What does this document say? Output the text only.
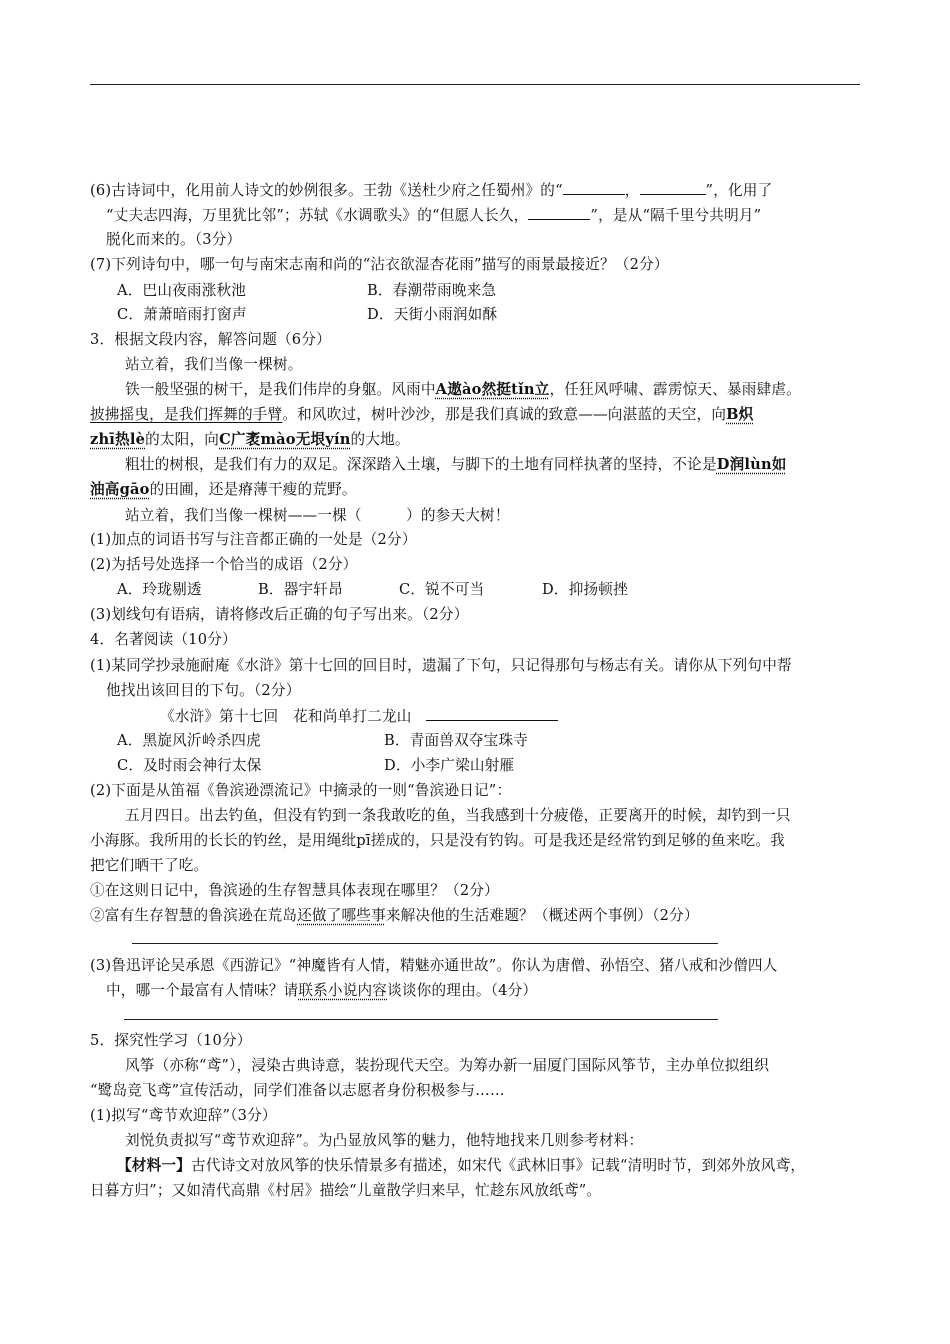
(6)古诗词中，化用前人诗文的妙例很多。王勃《送杜少府之任蜀州》的“	，	”，化用了
“丈夫志四海，万里犹比邻”；苏轼《水调歌头》的“但愿人长久，	”，是从“隔千里兮共明月”
脱化而来的。（3分）
(7)下列诗句中，哪一句与南宋志南和尚的“沾衣欲湿杏花雨”描写的雨景最接近？（2分）
A．巴山夜雨涨秋池	B．春潮带雨晚来急
C．萧萧暗雨打窗声	D．天街小雨润如酥
3．根据文段内容，解答问题（6分）
站立着，我们当像一棵树。
铁一般坚强的树干，是我们伟岸的身躯。风雨中A遨ào然挺tǐn立，任狂风呼啸、霹雳惊天、暴雨肆虐。
披拂摇曳，是我们挥舞的手臂。和风吹过，树叶沙沙，那是我们真诚的致意——向湛蓝的天空，向B炽
zhī热lè的太阳，向C广袤mào无垠yín的大地。
粗壮的树根，是我们有力的双足。深深踏入土壤，与脚下的土地有同样执著的坚持，不论是D润lùn如
油高gāo的田圃，还是瘠薄干瘦的荒野。
站立着，我们当像一棵树——一棵（　　　）的参天大树！
(1)加点的词语书写与注音都正确的一处是（2分）
(2)为括号处选择一个恰当的成语（2分）
A．玲珑剔透	B．器宇轩昂	C．锐不可当	D．抑扬顿挫
(3)划线句有语病，请将修改后正确的句子写出来。（2分）
4．名著阅读（10分）
(1)某同学抄录施耐庵《水浒》第十七回的回目时，遗漏了下句，只记得那句与杨志有关。请你从下列句中帮
他找出该回目的下句。（2分）
《水浒》第十七回　花和尚单打二龙山
A．黑旋风沂岭杀四虎	B．青面兽双夺宝珠寺
C．及时雨会神行太保	D．小李广梁山射雁
(2)下面是从笛福《鲁滨逊漂流记》中摘录的一则“鲁滨逊日记”：
五月四日。出去钓鱼，但没有钓到一条我敢吃的鱼，当我感到十分疲倦，正要离开的时候，却钓到一只
小海豚。我所用的长长的钓丝，是用绳纰pī搓成的，只是没有钓钩。可是我还是经常钓到足够的鱼来吃。我
把它们晒干了吃。
①在这则日记中，鲁滨逊的生存智慧具体表现在哪里？（2分）
②富有生存智慧的鲁滨逊在荒岛还做了哪些事来解决他的生活难题？（概述两个事例）（2分）
(3)鲁迅评论吴承恩《西游记》“神魔皆有人情，精魅亦通世故”。你认为唐僧、孙悟空、猪八戒和沙僧四人
中，哪一个最富有人情味？请联系小说内容谈谈你的理由。（4分）
5．探究性学习（10分）
风筝（亦称“鸢”），浸染古典诗意，装扮现代天空。为筹办新一届厦门国际风筝节，主办单位拟组织
“鹭岛竞飞鸢”宣传活动，同学们准备以志愿者身份积极参与……
(1)拟写“鸢节欢迎辞”（3分）
刘悦负责拟写“鸢节欢迎辞”。为凸显放风筝的魅力，他特地找来几则参考材料：
【材料一】古代诗文对放风筝的快乐情景多有描述，如宋代《武林旧事》记载“清明时节，到郊外放风鸢，
日暮方归”；又如清代高鼎《村居》描绘“儿童散学归来早，忙趁东风放纸鸢”。
